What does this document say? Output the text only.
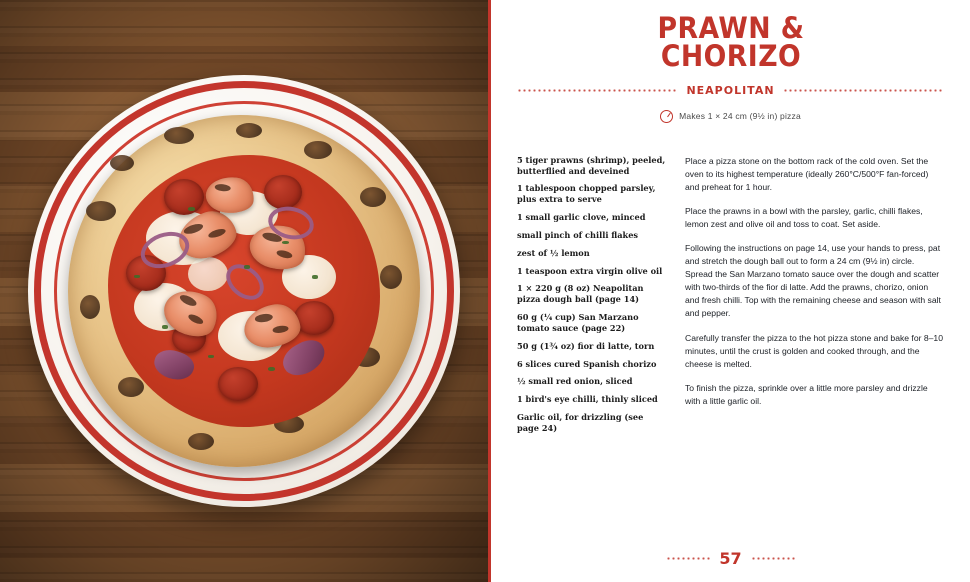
PRAWN & CHORIZO
NEAPOLITAN
Makes 1 × 24 cm (9½ in) pizza
5 tiger prawns (shrimp), peeled, butterflied and deveined
1 tablespoon chopped parsley, plus extra to serve
1 small garlic clove, minced
small pinch of chilli flakes
zest of ½ lemon
1 teaspoon extra virgin olive oil
1 × 220 g (8 oz) Neapolitan pizza dough ball (page 14)
60 g (¼ cup) San Marzano tomato sauce (page 22)
50 g (1¾ oz) fior di latte, torn
6 slices cured Spanish chorizo
½ small red onion, sliced
1 bird's eye chilli, thinly sliced
Garlic oil, for drizzling (see page 24)

Place a pizza stone on the bottom rack of the cold oven. Set the oven to its highest temperature (ideally 260°C/500°F fan-forced) and preheat for 1 hour.

Place the prawns in a bowl with the parsley, garlic, chilli flakes, lemon zest and olive oil and toss to coat. Set aside.

Following the instructions on page 14, use your hands to press, pat and stretch the dough ball out to form a 24 cm (9½ in) circle. Spread the San Marzano tomato sauce over the dough and scatter with two-thirds of the fior di latte. Add the prawns, chorizo, onion and fresh chilli. Top with the remaining cheese and season with salt and pepper.

Carefully transfer the pizza to the hot pizza stone and bake for 8–10 minutes, until the crust is golden and cooked through, and the cheese is melted.

To finish the pizza, sprinkle over a little more parsley and drizzle with a little garlic oil.

57
